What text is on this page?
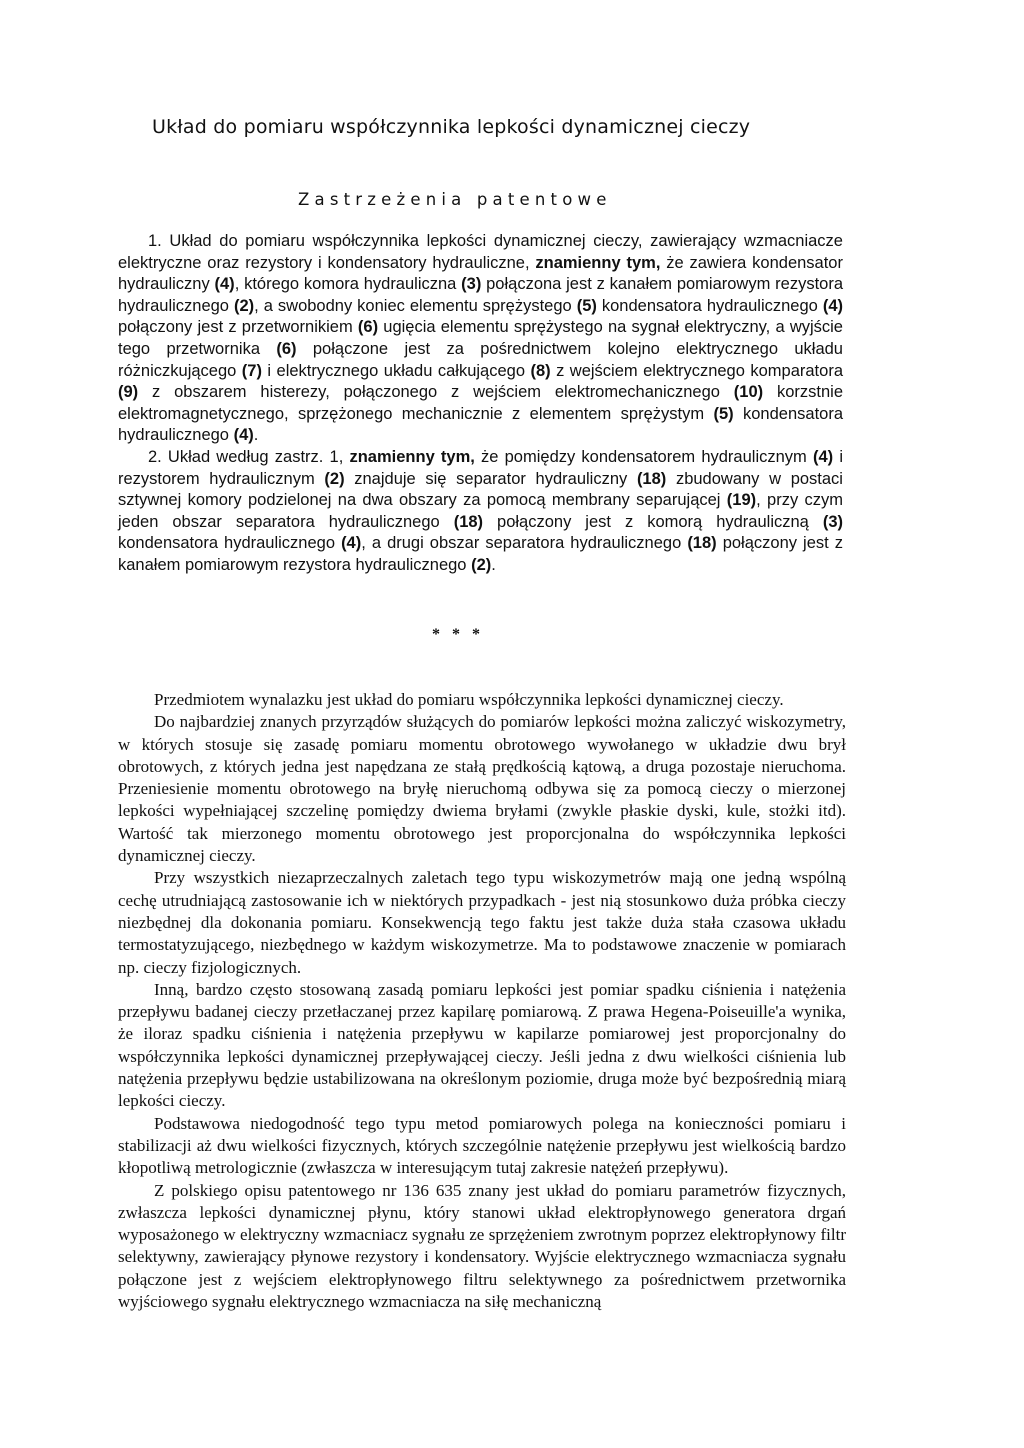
Układ do pomiaru współczynnika lepkości dynamicznej cieczy
Zastrzeżenia patentowe

1. Układ do pomiaru współczynnika lepkości dynamicznej cieczy, zawierający wzmacniacze elektryczne oraz rezystory i kondensatory hydrauliczne, znamienny tym, że zawiera kondensator hydrauliczny (4), którego komora hydrauliczna (3) połączona jest z kanałem pomiarowym rezystora hydraulicznego (2), a swobodny koniec elementu sprężystego (5) kondensatora hydraulicznego (4) połączony jest z przetwornikiem (6) ugięcia elementu sprężystego na sygnał elektryczny, a wyjście tego przetwornika (6) połączone jest za pośrednictwem kolejno elektrycznego układu różniczkującego (7) i elektrycznego układu całkującego (8) z wejściem elektrycznego komparatora (9) z obszarem histerezy, połączonego z wejściem elektromechanicznego (10) korzstnie elektromagnetycznego, sprzężonego mechanicznie z elementem sprężystym (5) kondensatora hydraulicznego (4).

2. Układ według zastrz. 1, znamienny tym, że pomiędzy kondensatorem hydraulicznym (4) i rezystorem hydraulicznym (2) znajduje się separator hydrauliczny (18) zbudowany w postaci sztywnej komory podzielonej na dwa obszary za pomocą membrany separującej (19), przy czym jeden obszar separatora hydraulicznego (18) połączony jest z komorą hydrauliczną (3) kondensatora hydraulicznego (4), a drugi obszar separatora hydraulicznego (18) połączony jest z kanałem pomiarowym rezystora hydraulicznego (2).

* * *

Przedmiotem wynalazku jest układ do pomiaru współczynnika lepkości dynamicznej cieczy.

Do najbardziej znanych przyrządów służących do pomiarów lepkości można zaliczyć wiskozymetry, w których stosuje się zasadę pomiaru momentu obrotowego wywołanego w układzie dwu brył obrotowych, z których jedna jest napędzana ze stałą prędkością kątową, a druga pozostaje nieruchoma. Przeniesienie momentu obrotowego na bryłę nieruchomą odbywa się za pomocą cieczy o mierzonej lepkości wypełniającej szczelinę pomiędzy dwiema bryłami (zwykle płaskie dyski, kule, stożki itd). Wartość tak mierzonego momentu obrotowego jest proporcjonalna do współczynnika lepkości dynamicznej cieczy.

Przy wszystkich niezaprzeczalnych zaletach tego typu wiskozymetrów mają one jedną wspólną cechę utrudniającą zastosowanie ich w niektórych przypadkach - jest nią stosunkowo duża próbka cieczy niezbędnej dla dokonania pomiaru. Konsekwencją tego faktu jest także duża stała czasowa układu termostatyzującego, niezbędnego w każdym wiskozymetrze. Ma to podstawowe znaczenie w pomiarach np. cieczy fizjologicznych.

Inną, bardzo często stosowaną zasadą pomiaru lepkości jest pomiar spadku ciśnienia i natężenia przepływu badanej cieczy przetłaczanej przez kapilarę pomiarową. Z prawa Hegena-Poiseuille'a wynika, że iloraz spadku ciśnienia i natężenia przepływu w kapilarze pomiarowej jest proporcjonalny do współczynnika lepkości dynamicznej przepływającej cieczy. Jeśli jedna z dwu wielkości ciśnienia lub natężenia przepływu będzie ustabilizowana na określonym poziomie, druga może być bezpośrednią miarą lepkości cieczy.

Podstawowa niedogodność tego typu metod pomiarowych polega na konieczności pomiaru i stabilizacji aż dwu wielkości fizycznych, których szczególnie natężenie przepływu jest wielkością bardzo kłopotliwą metrologicznie (zwłaszcza w interesującym tutaj zakresie natężeń przepływu).

Z polskiego opisu patentowego nr 136 635 znany jest układ do pomiaru parametrów fizycznych, zwłaszcza lepkości dynamicznej płynu, który stanowi układ elektropłynowego generatora drgań wyposażonego w elektryczny wzmacniacz sygnału ze sprzężeniem zwrotnym poprzez elektropłynowy filtr selektywny, zawierający płynowe rezystory i kondensatory. Wyjście elektrycznego wzmacniacza sygnału połączone jest z wejściem elektropłynowego filtru selektywnego za pośrednictwem przetwornika wyjściowego sygnału elektrycznego wzmacniacza na siłę mechaniczną
